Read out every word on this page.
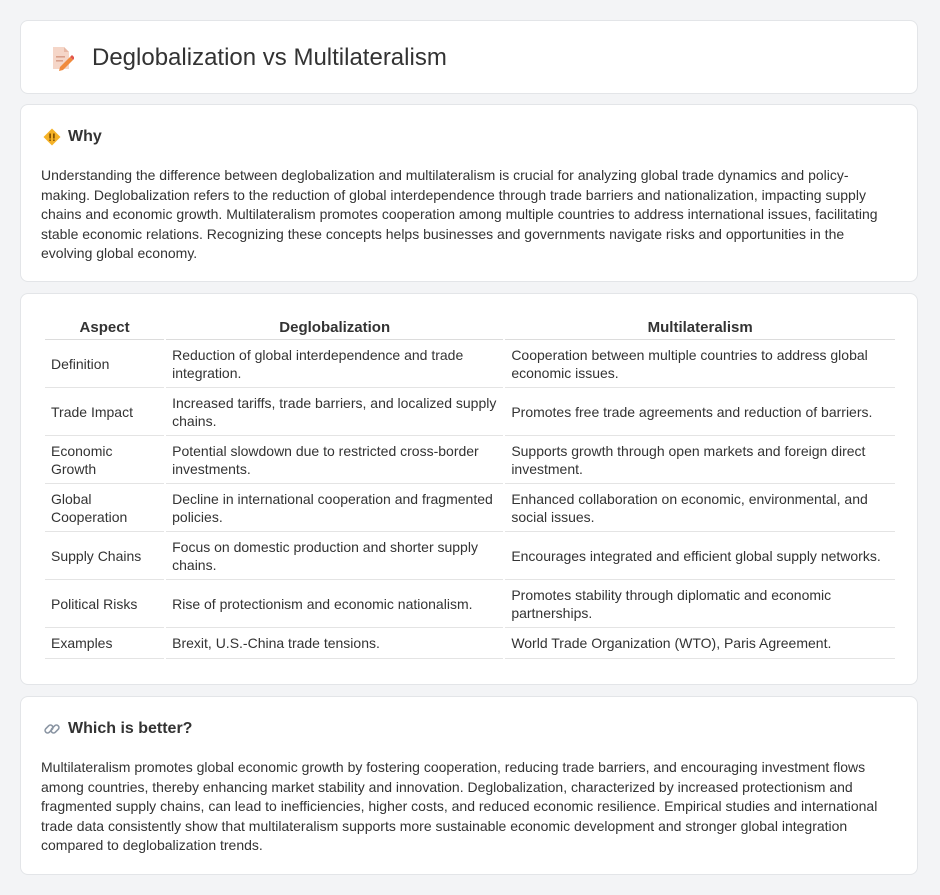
Deglobalization vs Multilateralism
Why

Understanding the difference between deglobalization and multilateralism is crucial for analyzing global trade dynamics and policy-making. Deglobalization refers to the reduction of global interdependence through trade barriers and nationalization, impacting supply chains and economic growth. Multilateralism promotes cooperation among multiple countries to address international issues, facilitating stable economic relations. Recognizing these concepts helps businesses and governments navigate risks and opportunities in the evolving global economy.

Aspect	Deglobalization	Multilateralism
Definition	Reduction of global interdependence and trade integration.	Cooperation between multiple countries to address global economic issues.
Trade Impact	Increased tariffs, trade barriers, and localized supply chains.	Promotes free trade agreements and reduction of barriers.
Economic Growth	Potential slowdown due to restricted cross-border investments.	Supports growth through open markets and foreign direct investment.
Global Cooperation	Decline in international cooperation and fragmented policies.	Enhanced collaboration on economic, environmental, and social issues.
Supply Chains	Focus on domestic production and shorter supply chains.	Encourages integrated and efficient global supply networks.
Political Risks	Rise of protectionism and economic nationalism.	Promotes stability through diplomatic and economic partnerships.
Examples	Brexit, U.S.-China trade tensions.	World Trade Organization (WTO), Paris Agreement.
Which is better?

Multilateralism promotes global economic growth by fostering cooperation, reducing trade barriers, and encouraging investment flows among countries, thereby enhancing market stability and innovation. Deglobalization, characterized by increased protectionism and fragmented supply chains, can lead to inefficiencies, higher costs, and reduced economic resilience. Empirical studies and international trade data consistently show that multilateralism supports more sustainable economic development and stronger global integration compared to deglobalization trends.
